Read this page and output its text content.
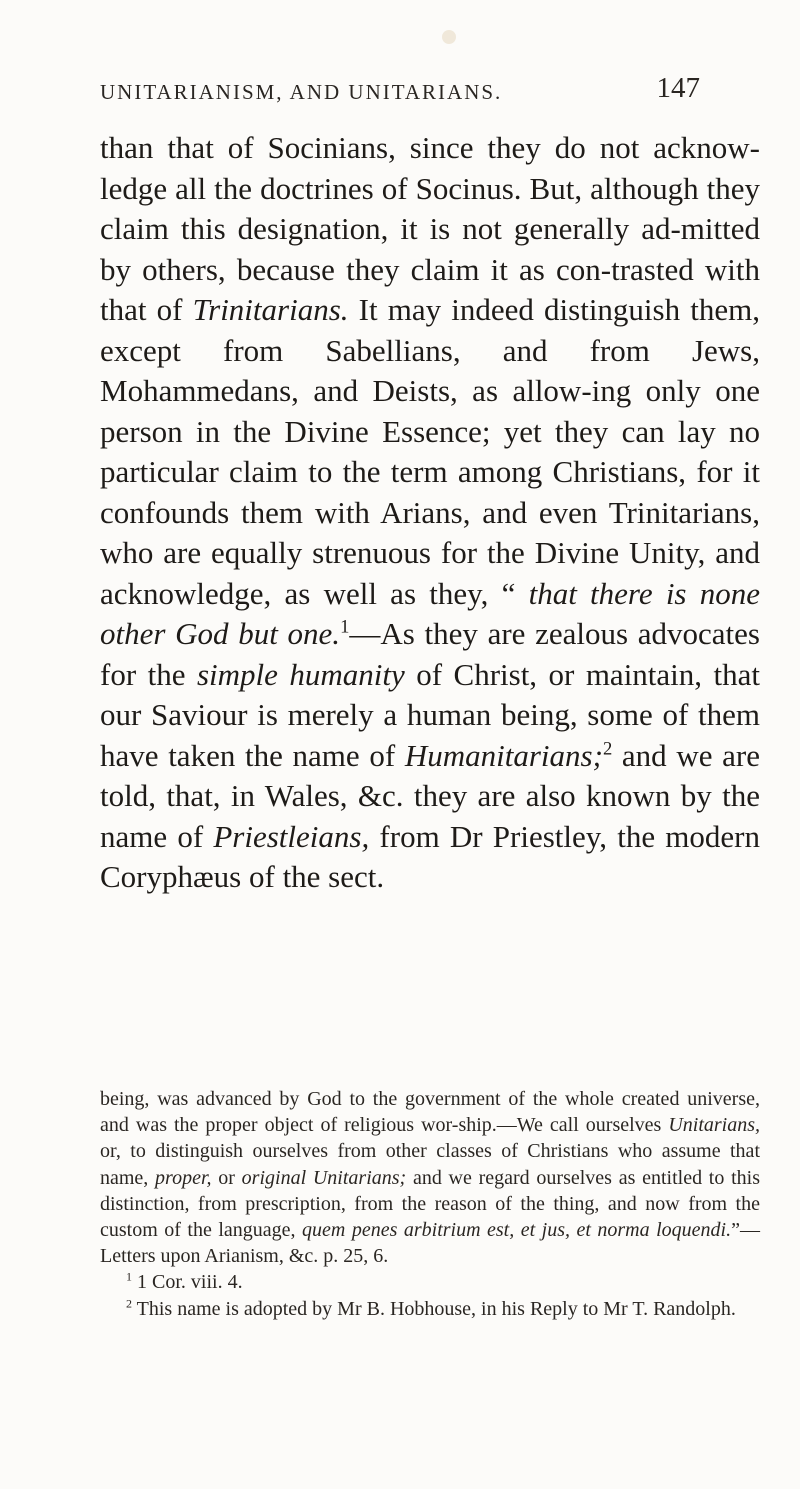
UNITARIANISM, AND UNITARIANS.	147

than that of Socinians, since they do not acknow-ledge all the doctrines of Socinus. But, although they claim this designation, it is not generally ad-mitted by others, because they claim it as con-trasted with that of Trinitarians. It may indeed distinguish them, except from Sabellians, and from Jews, Mohammedans, and Deists, as allow-ing only one person in the Divine Essence; yet they can lay no particular claim to the term among Christians, for it confounds them with Arians, and even Trinitarians, who are equally strenuous for the Divine Unity, and acknowledge, as well as they, “ that there is none other God but one.$^1$—As they are zealous advocates for the simple humanity of Christ, or maintain, that our Saviour is merely a human being, some of them have taken the name of Humanitarians;$^2$ and we are told, that, in Wales, &c. they are also known by the name of Priestleians, from Dr Priestley, the modern Coryphæus of the sect.

being, was advanced by God to the government of the whole created universe, and was the proper object of religious wor-ship.—We call ourselves Unitarians, or, to distinguish ourselves from other classes of Christians who assume that name, proper, or original Unitarians; and we regard ourselves as entitled to this distinction, from prescription, from the reason of the thing, and now from the custom of the language, quem penes arbitrium est, et jus, et norma loquendi.”—Letters upon Arianism, &c. p. 25, 6.

$^1$ 1 Cor. viii. 4.

$^2$ This name is adopted by Mr B. Hobhouse, in his Reply to Mr T. Randolph.
